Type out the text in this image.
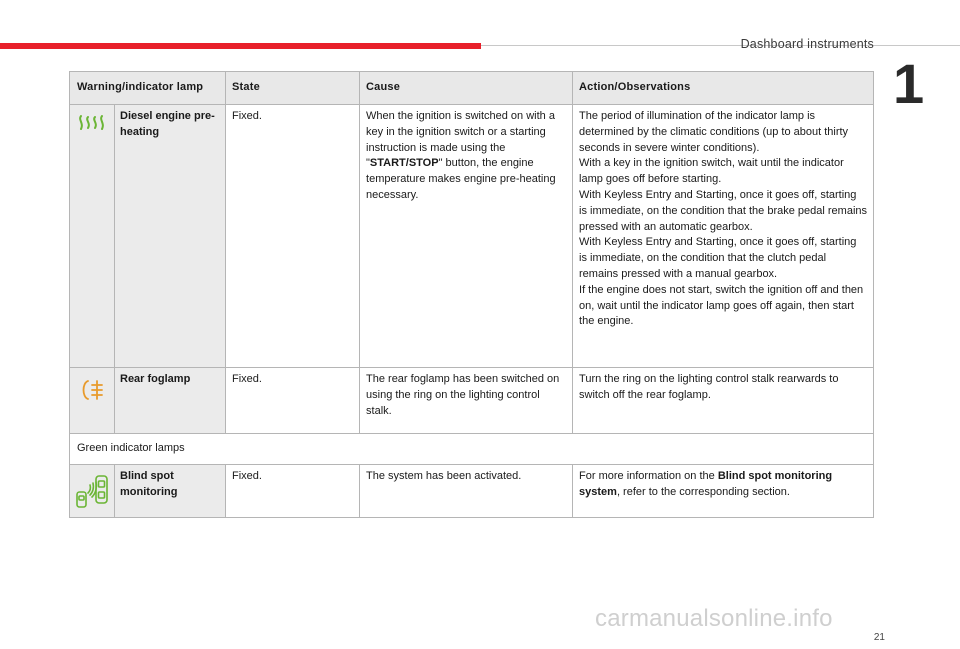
Dashboard instruments
1
Warning/indicator lamp		State	Cause	Action/Observations

	Diesel engine pre-heating	Fixed.	When the ignition is switched on with a key in the ignition switch or a starting instruction is made using the "START/STOP" button, the engine temperature makes engine pre-heating necessary.	The period of illumination of the indicator lamp is determined by the climatic conditions (up to about thirty seconds in severe winter conditions).
With a key in the ignition switch, wait until the indicator lamp goes off before starting.
With Keyless Entry and Starting, once it goes off, starting is immediate, on the condition that the brake pedal remains pressed with an automatic gearbox.
With Keyless Entry and Starting, once it goes off, starting is immediate, on the condition that the clutch pedal remains pressed with a manual gearbox.
If the engine does not start, switch the ignition off and then on, wait until the indicator lamp goes off again, then start the engine.

	Rear foglamp	Fixed.	The rear foglamp has been switched on using the ring on the lighting control stalk.	Turn the ring on the lighting control stalk rearwards to switch off the rear foglamp.
Green indicator lamps				

	Blind spot monitoring	Fixed.	The system has been activated.	For more information on the Blind spot monitoring system, refer to the corresponding section.
carmanualsonline.info
21
